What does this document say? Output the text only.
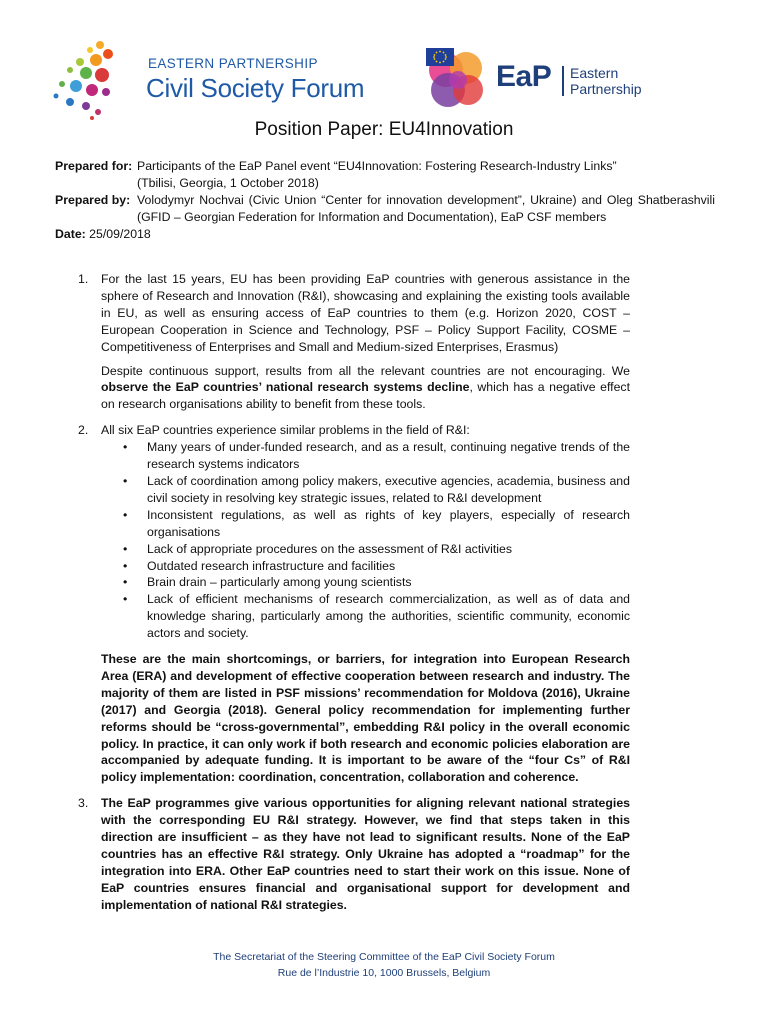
EASTERN PARTNERSHIP
Civil Society Forum	EaP Eastern
Partnership
Position Paper: EU4Innovation
Prepared for: Participants of the EaP Panel event “EU4Innovation: Fostering Research-Industry Links”
(Tbilisi, Georgia, 1 October 2018)
Prepared by: Volodymyr Nochvai (Civic Union “Center for innovation development”, Ukraine) and Oleg Shatberashvili (GFID – Georgian Federation for Information and Documentation), EaP CSF members
Date:
25/09/2018
1.	For the last 15 years, EU has been providing EaP countries with generous assistance in the sphere of Research and Innovation (R&I), showcasing and explaining the existing tools available in EU, as well as ensuring access of EaP countries to them (e.g. Horizon 2020, COST – European Cooperation in Science and Technology, PSF – Policy Support Facility, COSME – Competitiveness of Enterprises and Small and Medium-sized Enterprises, Erasmus)
Despite continuous support, results from all the relevant countries are not encouraging. We observe the EaP countries’ national research systems decline, which has a negative effect on research organisations ability to benefit from these tools.
2.	All six EaP countries experience similar problems in the field of R&I:
•	Many years of under-funded research, and as a result, continuing negative trends of the research systems indicators
•	Lack of coordination among policy makers, executive agencies, academia, business and civil society in resolving key strategic issues, related to R&I development
•	Inconsistent regulations, as well as rights of key players, especially of research organisations
•	Lack of appropriate procedures on the assessment of R&I activities
•	Outdated research infrastructure and facilities
•	Brain drain – particularly among young scientists
•	Lack of efficient mechanisms of research commercialization, as well as of data and knowledge sharing, particularly among the authorities, scientific community, economic actors and society.
These are the main shortcomings, or barriers, for integration into European Research Area (ERA) and development of effective cooperation between research and industry. The majority of them are listed in PSF missions’ recommendation for Moldova (2016), Ukraine (2017) and Georgia (2018). General policy recommendation for implementing further reforms should be “cross-governmental”, embedding R&I policy in the overall economic policy. In practice, it can only work if both research and economic policies elaboration are accompanied by adequate funding. It is important to be aware of the “four Cs” of R&I policy implementation: coordination, concentration, collaboration and coherence.
3.	The EaP programmes give various opportunities for aligning relevant national strategies with the corresponding EU R&I strategy. However, we find that steps taken in this direction are insufficient – as they have not lead to significant results. None of the EaP countries has an effective R&I strategy. Only Ukraine has adopted a “roadmap” for the integration into ERA. Other EaP countries need to start their work on this issue. None of EaP countries ensures financial and organisational support for development and implementation of national R&I strategies.
The Secretariat of the Steering Committee of the EaP Civil Society Forum
Rue de l’Industrie 10, 1000 Brussels, Belgium
